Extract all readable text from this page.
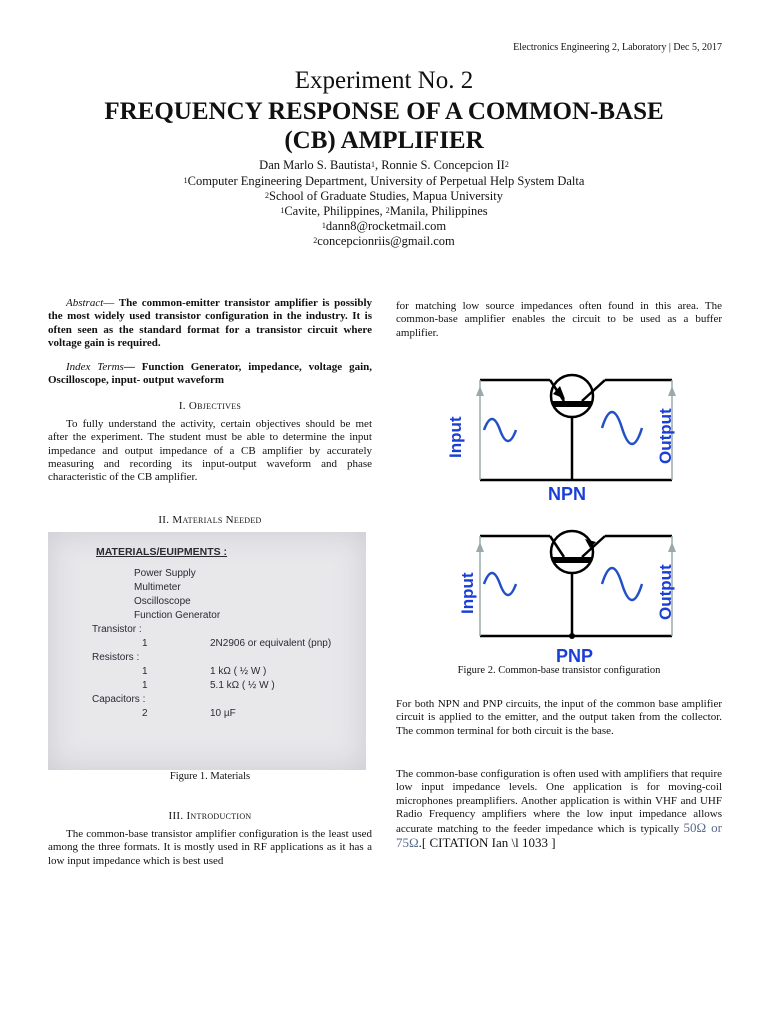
Electronics Engineering 2, Laboratory | Dec 5, 2017
Experiment No. 2
FREQUENCY RESPONSE OF A COMMON-BASE
(CB) AMPLIFIER
Dan Marlo S. Bautista$^1$, Ronnie S. Concepcion $II^2$
$^1$Computer Engineering Department, University of Perpetual Help System Dalta
$^2$School of Graduate Studies, Mapua University
$^1$Cavite, Philippines, $^2$Manila, Philippines
$^1$dann8@rocketmail.com
$^2$concepcionriis@gmail.com
Abstract— The common-emitter transistor amplifier is possibly the most widely used transistor configuration in the industry. It is often seen as the standard format for a transistor circuit where voltage gain is required.
Index Terms— Function Generator, impedance, voltage gain, Oscilloscope, input- output waveform
I. Objectives
To fully understand the activity, certain objectives should be met after the experiment. The student must be able to determine the input impedance and output impedance of a CB amplifier by accurately measuring and recording its input-output waveform and phase characteristic of the CB amplifier.
II. Materials Needed
MATERIALS/EUIPMENTS :
Power Supply
Multimeter
Oscilloscope
Function Generator
Transistor :
1	2N2906 or equivalent (pnp)
Resistors :
1	1 kΩ ( ½ W )
1	5.1 kΩ ( ½ W )
Capacitors :
2	10 µF
Figure 1. Materials
III. Introduction
The common-base transistor amplifier configuration is the least used among the three formats. It is mostly used in RF applications as it has a low input impedance which is best used
for matching low source impedances often found in this area. The common-base amplifier enables the circuit to be used as a buffer amplifier.
Input	Output
NPN
Input	Output
PNP
Figure 2. Common-base transistor configuration
For both NPN and PNP circuits, the input of the common base amplifier circuit is applied to the emitter, and the output taken from the collector. The common terminal for both circuit is the base.
The common-base configuration is often used with amplifiers that require low input impedance levels. One application is for moving-coil microphones preamplifiers. Another application is within VHF and UHF Radio Frequency amplifiers where the low input impedance allows accurate matching to the feeder impedance which is typically 50Ω or 75Ω.[ CITATION Ian \l 1033 ]
